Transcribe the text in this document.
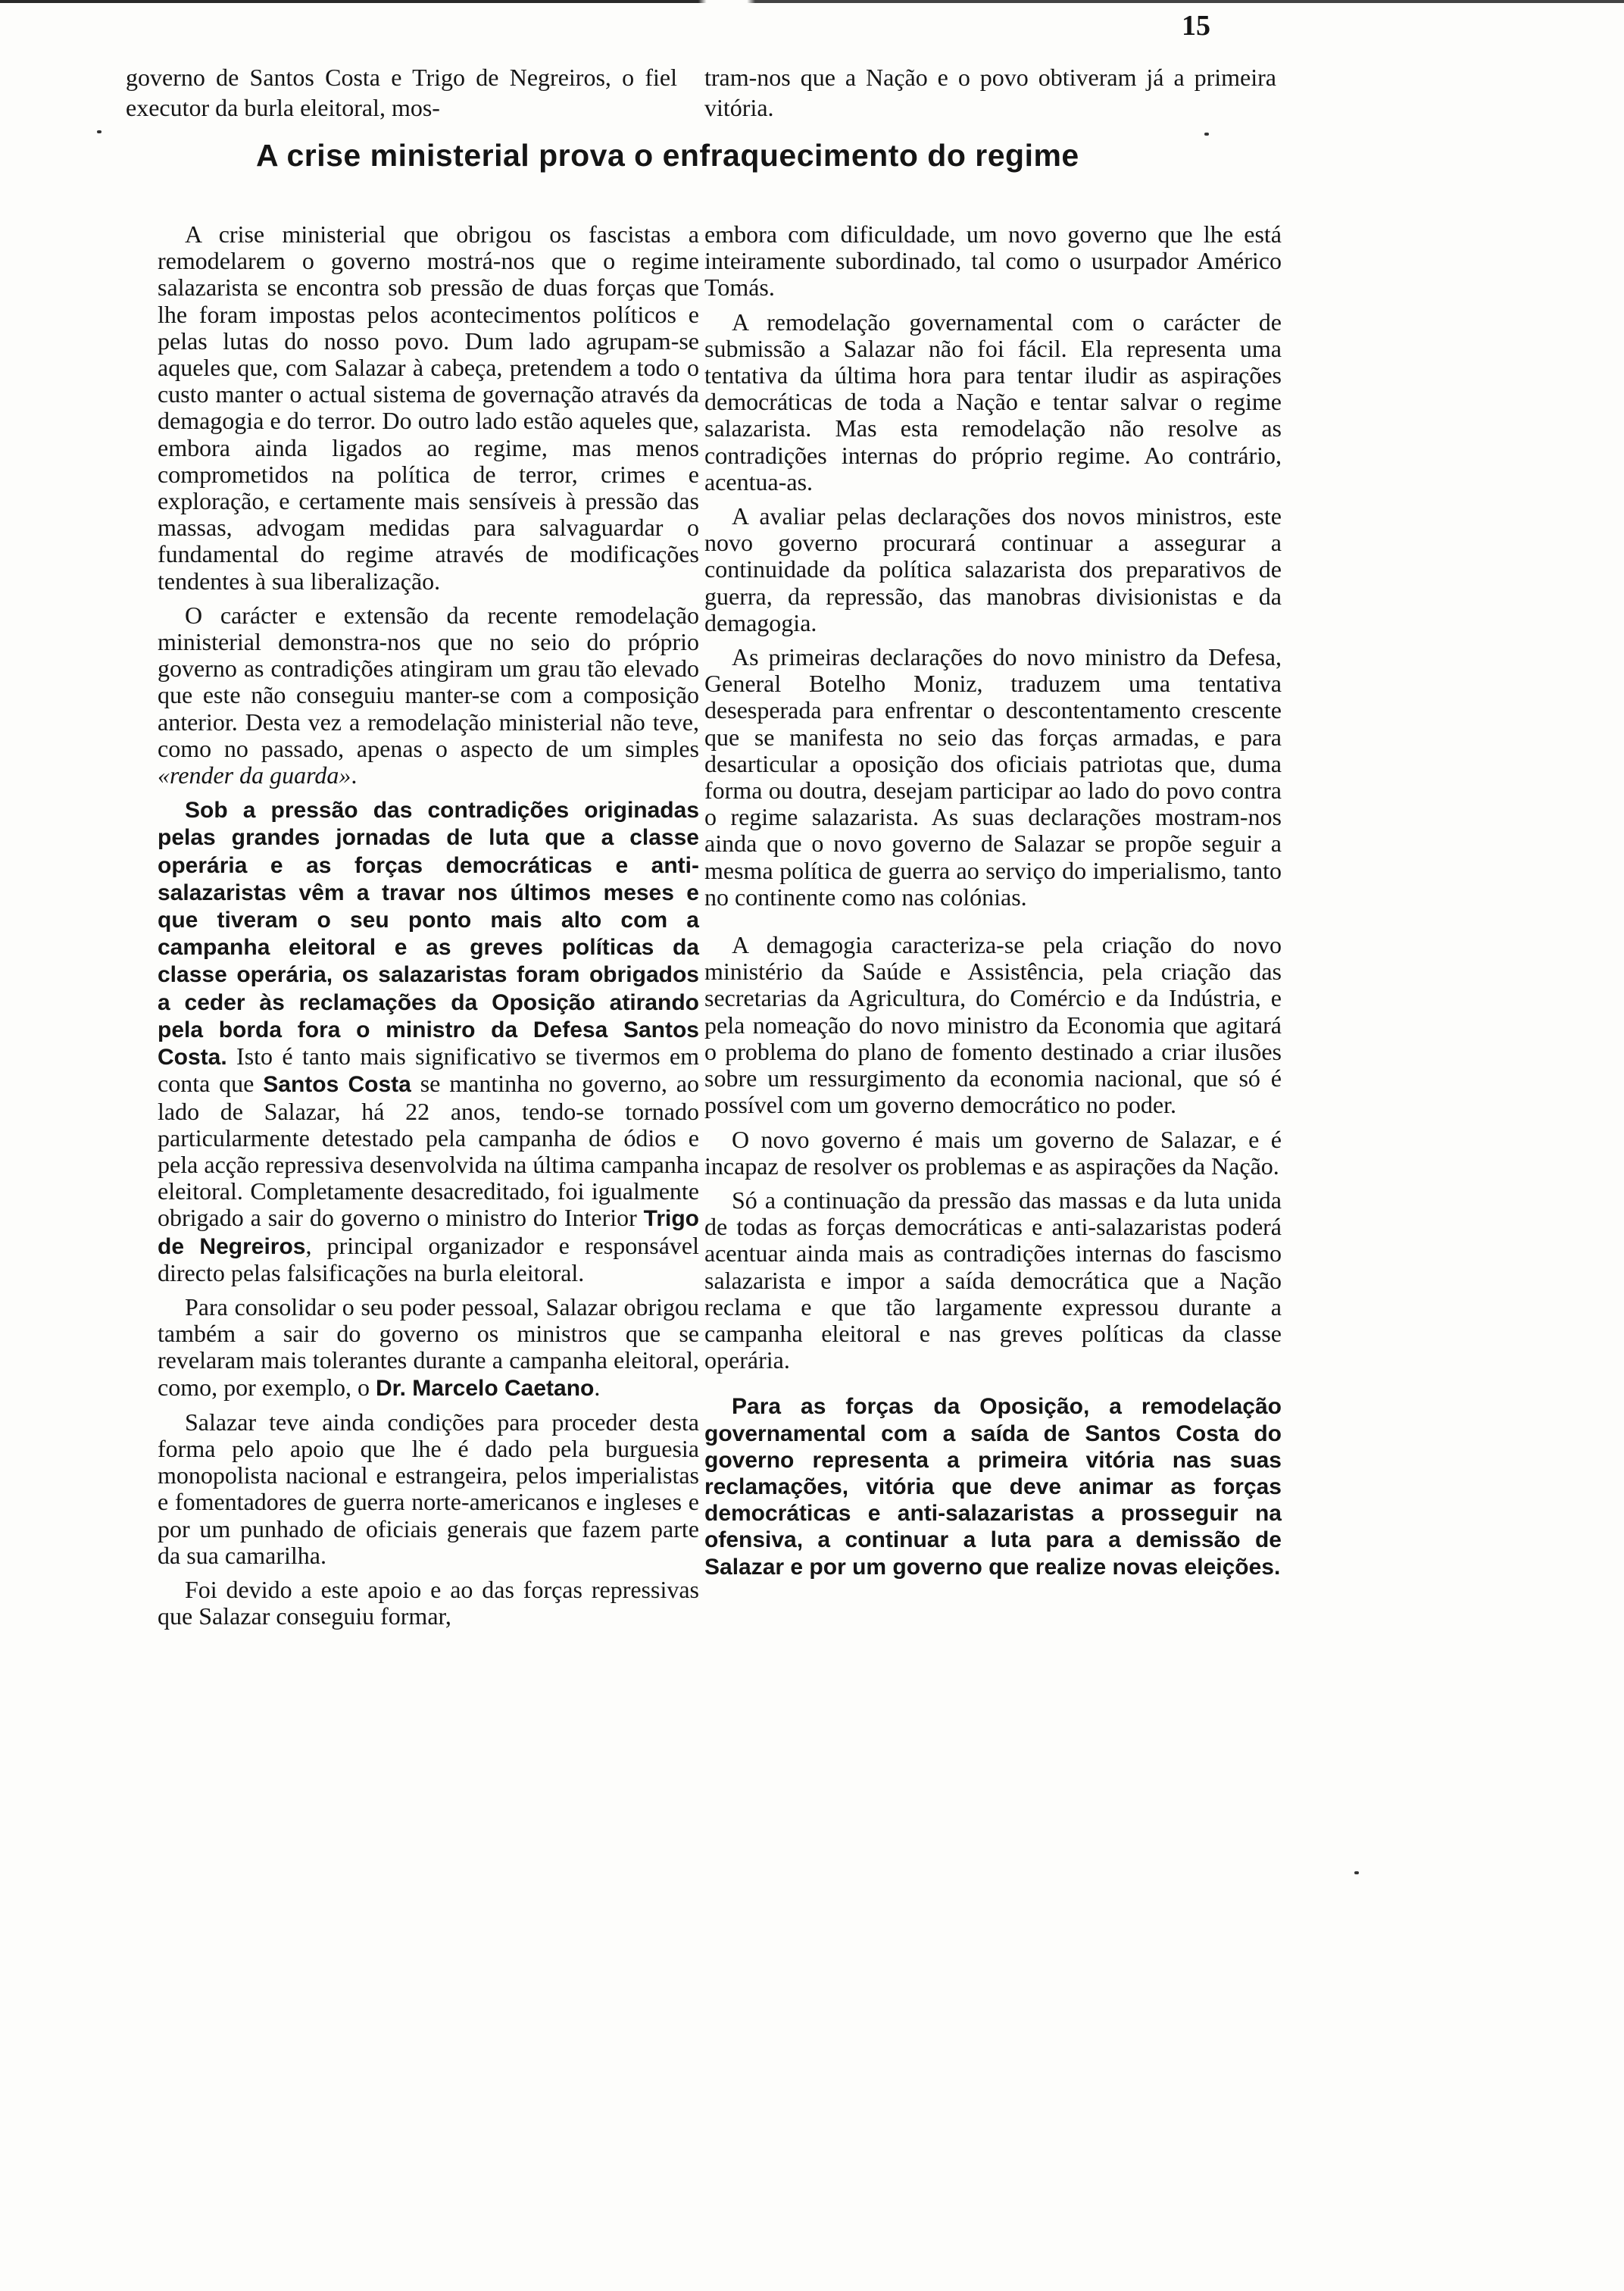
15
governo de Santos Costa e Trigo de Negreiros, o fiel executor da burla eleitoral, mos-
tram-nos que a Nação e o povo obtiveram já a primeira vitória.
A crise ministerial prova o enfraquecimento do regime

A crise ministerial que obrigou os fascistas a remodelarem o governo mostrá-nos que o regime salazarista se encontra sob pressão de duas forças que lhe foram impostas pelos acontecimentos políticos e pelas lutas do nosso povo. Dum lado agrupam-se aqueles que, com Salazar à cabeça, pretendem a todo o custo manter o actual sistema de governação através da demagogia e do terror. Do outro lado estão aqueles que, embora ainda ligados ao regime, mas menos comprometidos na política de terror, crimes e exploração, e certamente mais sensíveis à pressão das massas, advogam medidas para salvaguardar o fundamental do regime através de modificações tendentes à sua liberalização.

O carácter e extensão da recente remodelação ministerial demonstra-nos que no seio do próprio governo as contradições atingiram um grau tão elevado que este não conseguiu manter-se com a composição anterior. Desta vez a remodelação ministerial não teve, como no passado, apenas o aspecto de um simples «render da guarda».

Sob a pressão das contradições originadas pelas grandes jornadas de luta que a classe operária e as forças democráticas e anti-salazaristas vêm a travar nos últimos meses e que tiveram o seu ponto mais alto com a campanha eleitoral e as greves políticas da classe operária, os salazaristas foram obrigados a ceder às reclamações da Oposição atirando pela borda fora o ministro da Defesa Santos Costa. Isto é tanto mais significativo se tivermos em conta que Santos Costa se mantinha no governo, ao lado de Salazar, há 22 anos, tendo-se tornado particularmente detestado pela campanha de ódios e pela acção repressiva desenvolvida na última campanha eleitoral. Completamente desacreditado, foi igualmente obrigado a sair do governo o ministro do Interior Trigo de Negreiros, principal organizador e responsável directo pelas falsificações na burla eleitoral.

Para consolidar o seu poder pessoal, Salazar obrigou também a sair do governo os ministros que se revelaram mais tolerantes durante a campanha eleitoral, como, por exemplo, o Dr. Marcelo Caetano.

Salazar teve ainda condições para proceder desta forma pelo apoio que lhe é dado pela burguesia monopolista nacional e estrangeira, pelos imperialistas e fomentadores de guerra norte-americanos e ingleses e por um punhado de oficiais generais que fazem parte da sua camarilha.

Foi devido a este apoio e ao das forças repressivas que Salazar conseguiu formar,

embora com dificuldade, um novo governo que lhe está inteiramente subordinado, tal como o usurpador Américo Tomás.

A remodelação governamental com o carácter de submissão a Salazar não foi fácil. Ela representa uma tentativa da última hora para tentar iludir as aspirações democráticas de toda a Nação e tentar salvar o regime salazarista. Mas esta remodelação não resolve as contradições internas do próprio regime. Ao contrário, acentua-as.

A avaliar pelas declarações dos novos ministros, este novo governo procurará continuar a assegurar a continuidade da política salazarista dos preparativos de guerra, da repressão, das manobras divisionistas e da demagogia.

As primeiras declarações do novo ministro da Defesa, General Botelho Moniz, traduzem uma tentativa desesperada para enfrentar o descontentamento crescente que se manifesta no seio das forças armadas, e para desarticular a oposição dos oficiais patriotas que, duma forma ou doutra, desejam participar ao lado do povo contra o regime salazarista. As suas declarações mostram-nos ainda que o novo governo de Salazar se propõe seguir a mesma política de guerra ao serviço do imperialismo, tanto no continente como nas colónias.

A demagogia caracteriza-se pela criação do novo ministério da Saúde e Assistência, pela criação das secretarias da Agricultura, do Comércio e da Indústria, e pela nomeação do novo ministro da Economia que agitará o problema do plano de fomento destinado a criar ilusões sobre um ressurgimento da economia nacional, que só é possível com um governo democrático no poder.

O novo governo é mais um governo de Salazar, e é incapaz de resolver os problemas e as aspirações da Nação.

Só a continuação da pressão das massas e da luta unida de todas as forças democráticas e anti-salazaristas poderá acentuar ainda mais as contradições internas do fascismo salazarista e impor a saída democrática que a Nação reclama e que tão largamente expressou durante a campanha eleitoral e nas greves políticas da classe operária.

Para as forças da Oposição, a remodelação governamental com a saída de Santos Costa do governo representa a primeira vitória nas suas reclamações, vitória que deve animar as forças democráticas e anti-salazaristas a prosseguir na ofensiva, a continuar a luta para a demissão de Salazar e por um governo que realize novas eleições.
